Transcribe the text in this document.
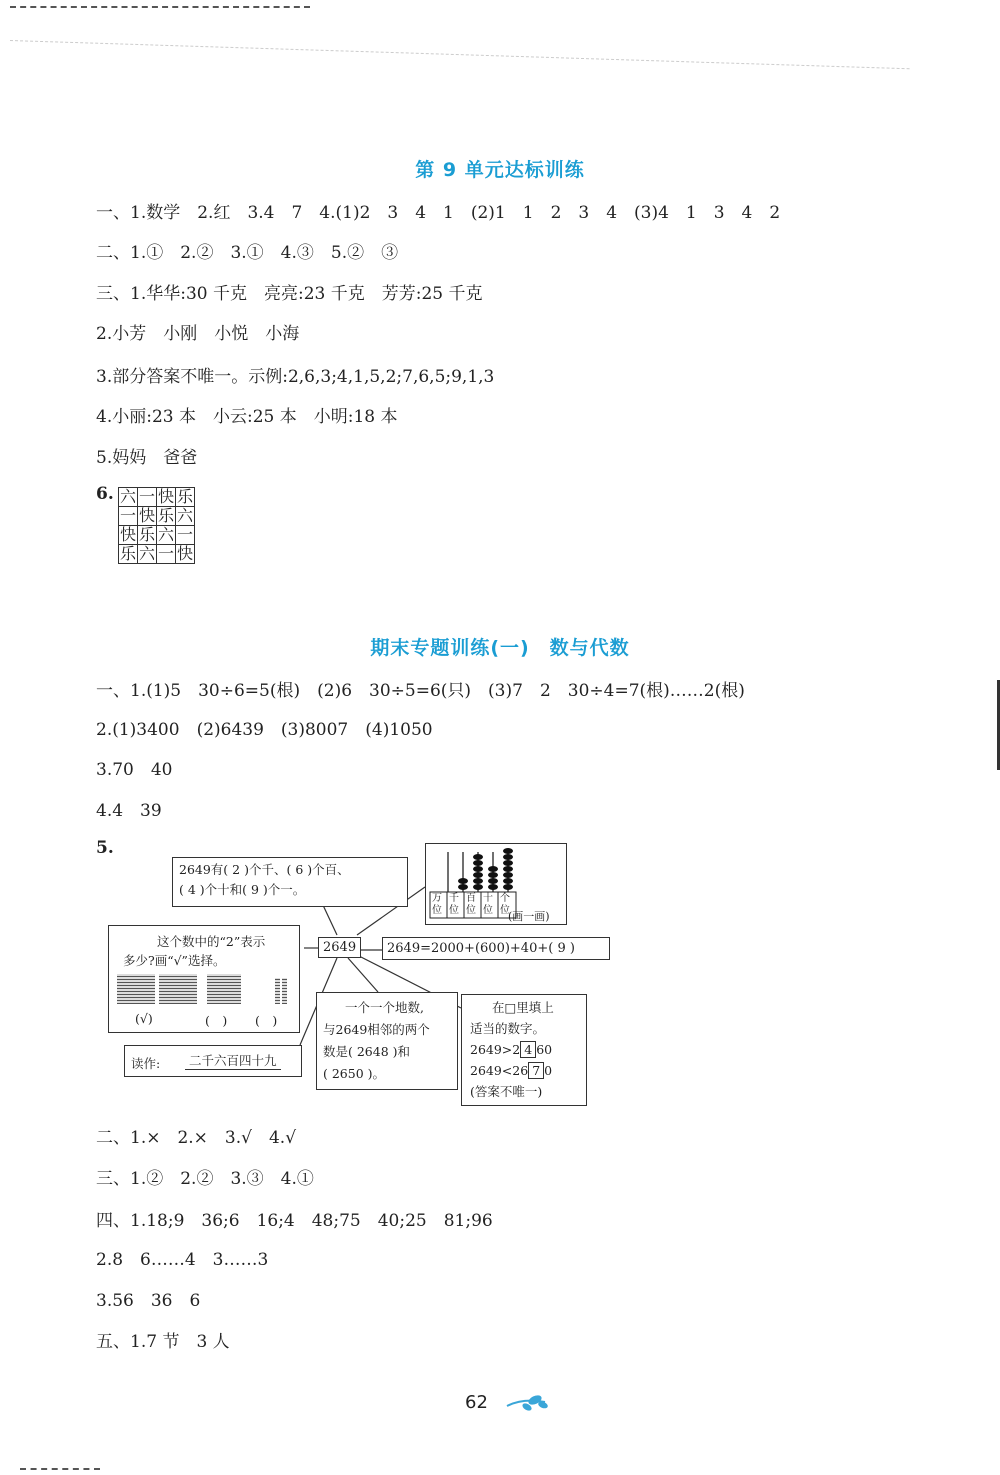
第 9 单元达标训练
一、1.数学　2.红　3.4　7　4.(1)2　3　4　1　(2)1　1　2　3　4　(3)4　1　3　4　2
二、1.①　2.②　3.①　4.③　5.②　③
三、1.华华:30 千克　亮亮:23 千克　芳芳:25 千克
2.小芳　小刚　小悦　小海
3.部分答案不唯一。示例:2,6,3;4,1,5,2;7,6,5;9,1,3
4.小丽:23 本　小云:25 本　小明:18 本
5.妈妈　爸爸
6. 六	一	快	乐
一	快	乐	六
快	乐	六	一
乐	六	一	快
期末专题训练(一)　数与代数
一、1.(1)5　30÷6=5(根)　(2)6　30÷5=6(只)　(3)7　2　30÷4=7(根)……2(根)
2.(1)3400　(2)6439　(3)8007　(4)1050
3.70　40
4.4　39
5.
2649有( 2 )个千、( 6 )个百、
( 4 )个十和( 9 )个一。
万位
千位
百位
十位
个位
(画一画)
2649	2649=2000+(600)+40+( 9 )
这个数中的“2”表示
多少?画“√”选择。
(√)	(　) (　)
读作:	二千六百四十九
一个一个地数,
与2649相邻的两个
数是( 2648 )和
( 2650 )。
在□里填上
适当的数字。
2649>2 4 60
2649<26 7 0
(答案不唯一)
二、1.×　2.×　3.√　4.√
三、1.②　2.②　3.③　4.①
四、1.18;9　36;6　16;4　48;75　40;25　81;96
2.8　6……4　3……3
3.56　36　6
五、1.7 节　3 人
62
